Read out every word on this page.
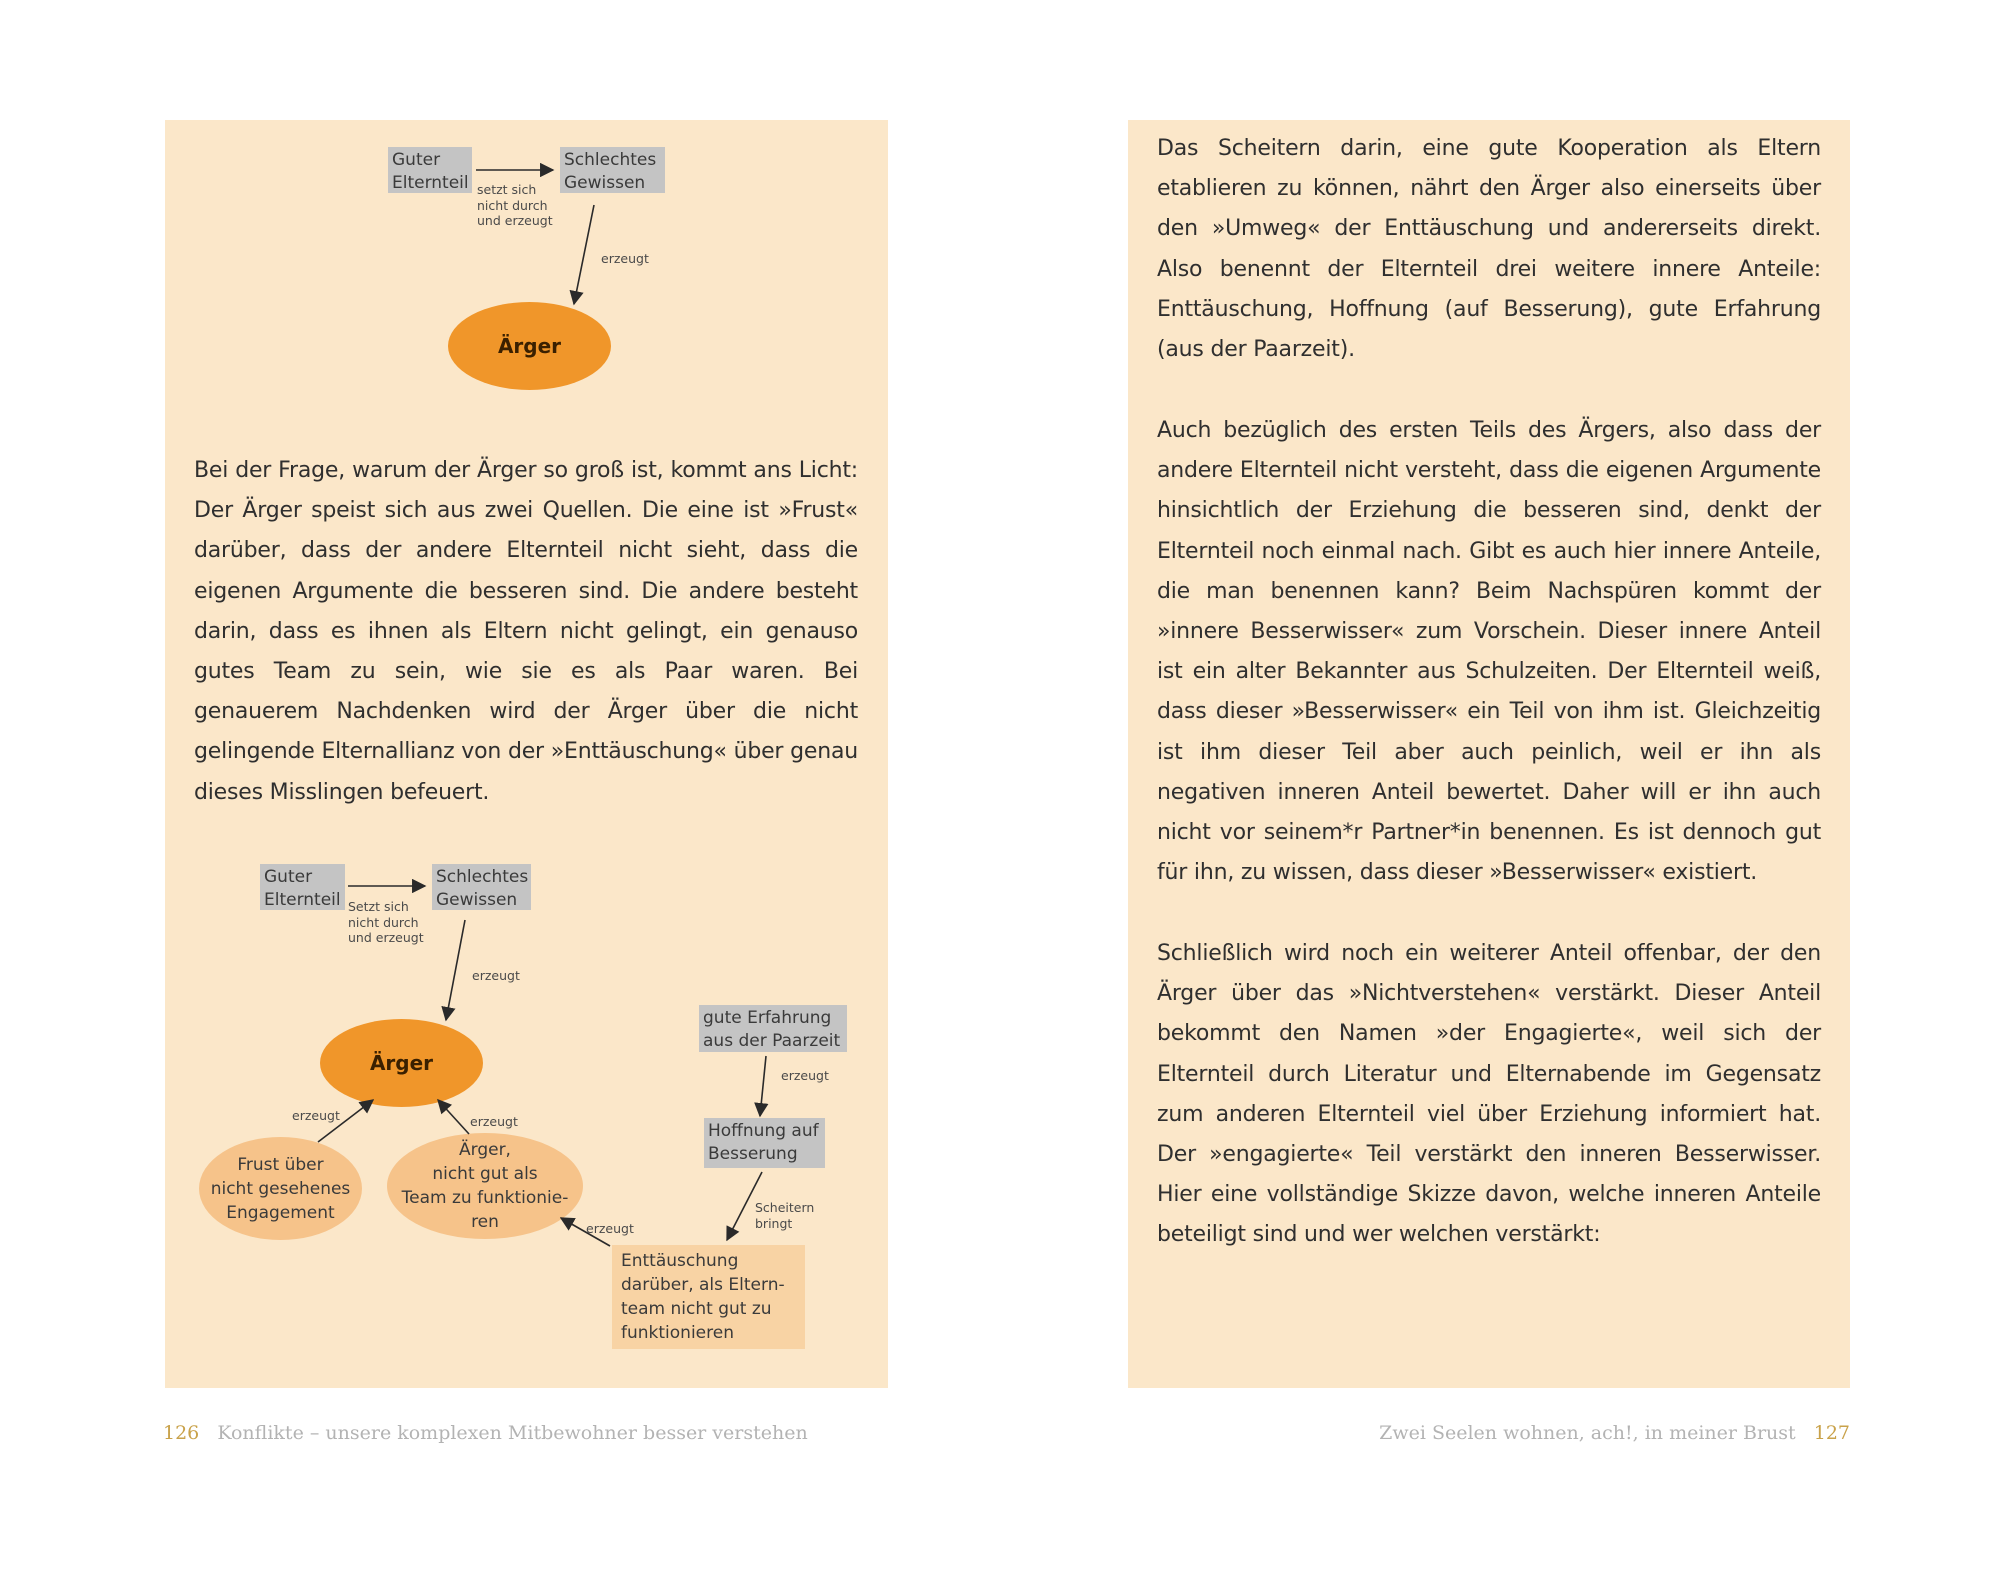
Guter
Elternteil
Schlechtes
Gewissen
setzt sich
nicht durch
und erzeugt
erzeugt
Ärger

Bei der Frage, warum der Ärger so groß ist, kommt ans Licht: Der Ärger speist sich aus zwei Quellen. Die eine ist »Frust« darüber, dass der andere Elternteil nicht sieht, dass die eigenen Argumente die besseren sind. Die andere besteht darin, dass es ihnen als Eltern nicht gelingt, ein genauso gutes Team zu sein, wie sie es als Paar waren. Bei genauerem Nachdenken wird der Ärger über die nicht gelingende Elternallianz von der »Enttäuschung« über genau dieses Misslingen befeuert.

Guter
Elternteil
Schlechtes
Gewissen
Setzt sich
nicht durch
und erzeugt
erzeugt
Ärger
erzeugt	erzeugt
Frust über
nicht gesehenes
Engagement
Ärger,
nicht gut als
Team zu funktionie-
ren
gute Erfahrung
aus der Paarzeit
erzeugt
Hoffnung auf
Besserung
Scheitern
bringt
erzeugt
Enttäuschung
darüber, als Eltern-
team nicht gut zu
funktionieren
126 Konflikte – unsere komplexen Mitbewohner besser verstehen

Das Scheitern darin, eine gute Kooperation als Eltern etablieren zu können, nährt den Ärger also einerseits über den »Umweg« der Enttäuschung und andererseits direkt. Also benennt der Elternteil drei weitere innere Anteile: Enttäuschung, Hoffnung (auf Besserung), gute Erfahrung (aus der Paarzeit).

Auch bezüglich des ersten Teils des Ärgers, also dass der andere Elternteil nicht versteht, dass die eigenen Argumente hinsichtlich der Erziehung die besseren sind, denkt der Elternteil noch einmal nach. Gibt es auch hier innere Anteile, die man benennen kann? Beim Nachspüren kommt der »innere Besserwisser« zum Vorschein. Dieser innere Anteil ist ein alter Bekannter aus Schulzeiten. Der Elternteil weiß, dass dieser »Besserwisser« ein Teil von ihm ist. Gleichzeitig ist ihm dieser Teil aber auch peinlich, weil er ihn als negativen inneren Anteil bewertet. Daher will er ihn auch nicht vor seinem*r Partner*in benennen. Es ist dennoch gut für ihn, zu wissen, dass dieser »Besserwisser« existiert.

Schließlich wird noch ein weiterer Anteil offenbar, der den Ärger über das »Nichtverstehen« verstärkt. Dieser Anteil bekommt den Namen »der Engagierte«, weil sich der Elternteil durch Literatur und Elternabende im Gegensatz zum anderen Elternteil viel über Erziehung informiert hat. Der »engagierte« Teil verstärkt den inneren Besserwisser. Hier eine vollständige Skizze davon, welche inneren Anteile beteiligt sind und wer welchen verstärkt:

Zwei Seelen wohnen, ach!, in meiner Brust 127
